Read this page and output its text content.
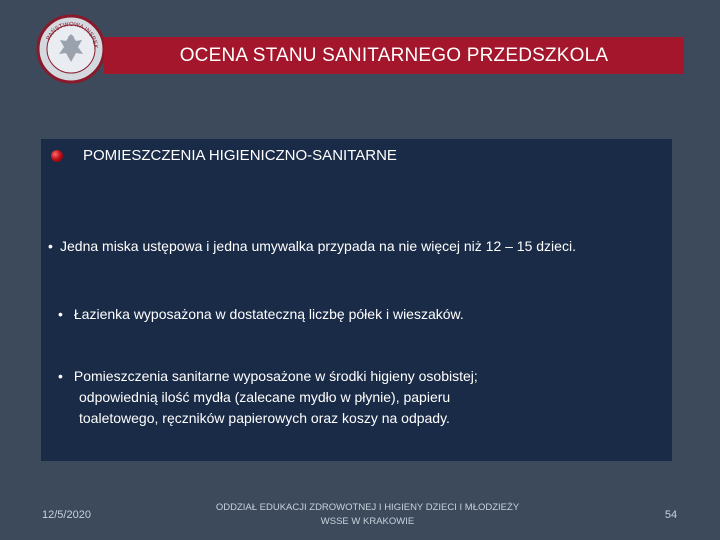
PAŃSTWOWA INSPEK	OCENA STANU SANITARNEGO PRZEDSZKOLA
POMIESZCZENIA HIGIENICZNO-SANITARNE
• Jedna miska ustępowa i jedna umywalka przypada na nie więcej niż 12 – 15 dzieci.
• Łazienka wyposażona w dostateczną liczbę półek i wieszaków.
• Pomieszczenia sanitarne wyposażone w środki higieny osobistej;
odpowiednią ilość mydła (zalecane mydło w płynie), papieru
toaletowego, ręczników papierowych oraz koszy na odpady.
12/5/2020
ODDZIAŁ EDUKACJI ZDROWOTNEJ I HIGIENY DZIECI I MŁODZIEŻY
WSSE W KRAKOWIE
54
